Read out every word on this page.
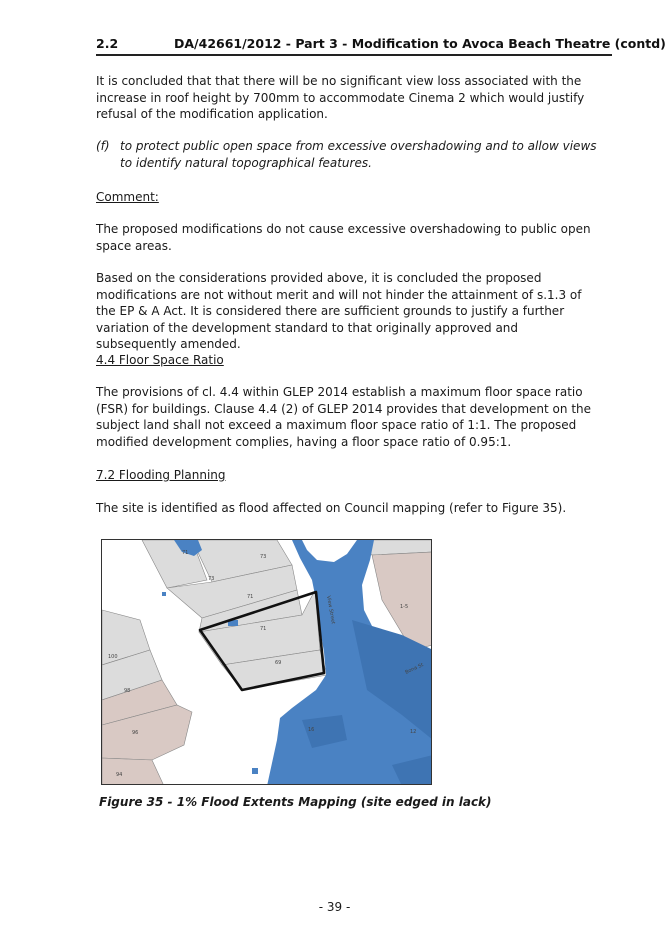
2.2	DA/42661/2012 - Part 3 - Modification to Avoca Beach Theatre (contd)

It is concluded that that there will be no significant view loss associated with the increase in roof height by 700mm to accommodate Cinema 2 which would justify refusal of the modification application.

(f) to protect public open space from excessive overshadowing and to allow views to identify natural topographical features.

Comment:

The proposed modifications do not cause excessive overshadowing to public open space areas.

Based on the considerations provided above, it is concluded the proposed modifications are not without merit and will not hinder the attainment of s.1.3 of the EP & A Act. It is considered there are sufficient grounds to justify a further variation of the development standard to that originally approved and subsequently amended.

4.4 Floor Space Ratio

The provisions of cl. 4.4 within GLEP 2014 establish a maximum floor space ratio (FSR) for buildings. Clause 4.4 (2) of GLEP 2014 provides that development on the subject land shall not exceed a maximum floor space ratio of 1:1. The proposed modified development complies, having a floor space ratio of 0.95:1.

7.2 Flooding Planning

The site is identified as flood affected on Council mapping (refer to Figure 35).

View Street
Bona St
71
73
73
71
71
69
100
98
96
94
16	12
1-5
Figure 35 - 1% Flood Extents Mapping (site edged in lack)
- 39 -
